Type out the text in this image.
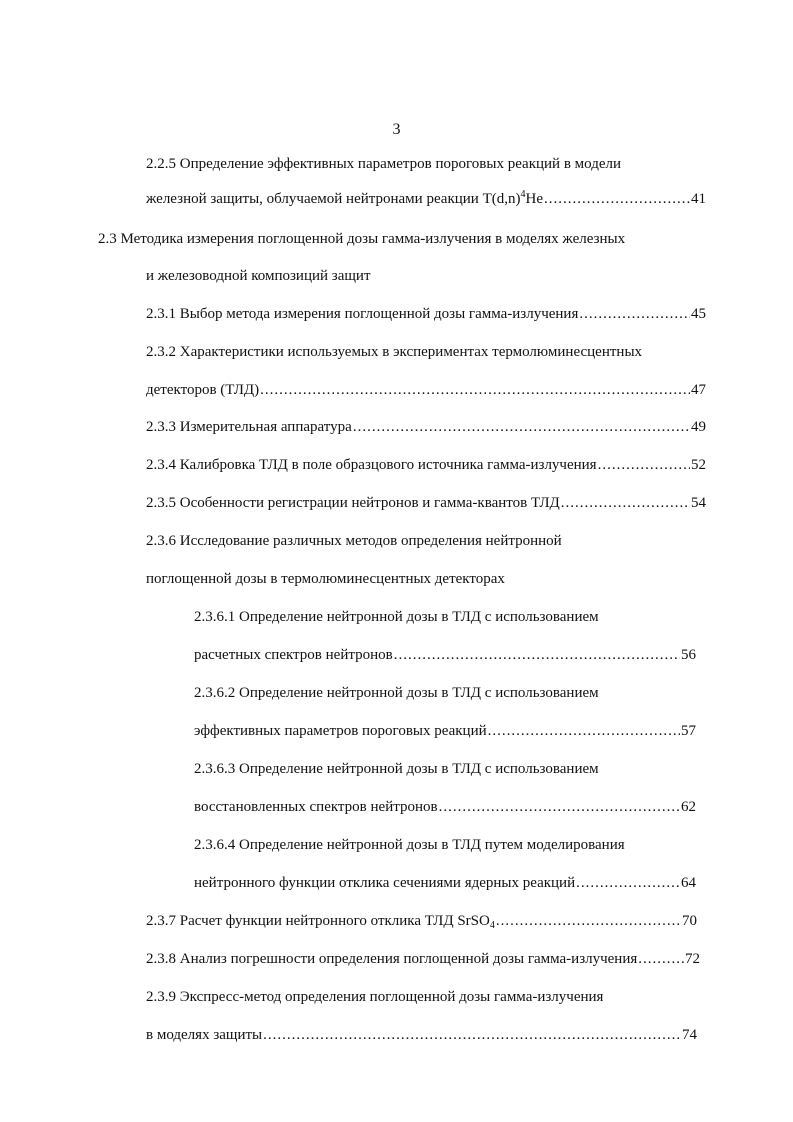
3
2.2.5 Определение эффективных параметров пороговых реакций в модели
железной защиты, облучаемой нейтронами реакции $T(d,n)^4He$ .....	41
2.3 Методика измерения поглощенной дозы гамма-излучения в моделях железных
и железоводной композиций защит
2.3.1 Выбор метода измерения поглощенной дозы гамма-излучения .....	45
2.3.2 Характеристики используемых в экспериментах термолюминесцентных
детекторов (ТЛД) .....	47
2.3.3 Измерительная аппаратура .....	49
2.3.4 Калибровка ТЛД в поле образцового источника гамма-излучения .....	52
2.3.5 Особенности регистрации нейтронов и гамма-квантов ТЛД .....	54
2.3.6 Исследование различных методов определения нейтронной
поглощенной дозы в термолюминесцентных детекторах
2.3.6.1 Определение нейтронной дозы в ТЛД с использованием
расчетных спектров нейтронов .....	56
2.3.6.2 Определение нейтронной дозы в ТЛД с использованием
эффективных параметров пороговых реакций .....	57
2.3.6.3 Определение нейтронной дозы в ТЛД с использованием
восстановленных спектров нейтронов .....	62
2.3.6.4 Определение нейтронной дозы в ТЛД путем моделирования
нейтронного функции отклика сечениями ядерных реакций .....	64
2.3.7 Расчет функции нейтронного отклика ТЛД SrSO$_4$ .....	70
2.3.8 Анализ погрешности определения поглощенной дозы гамма-излучения .....	72
2.3.9 Экспресс-метод определения поглощенной дозы гамма-излучения
в моделях защиты .....	74
